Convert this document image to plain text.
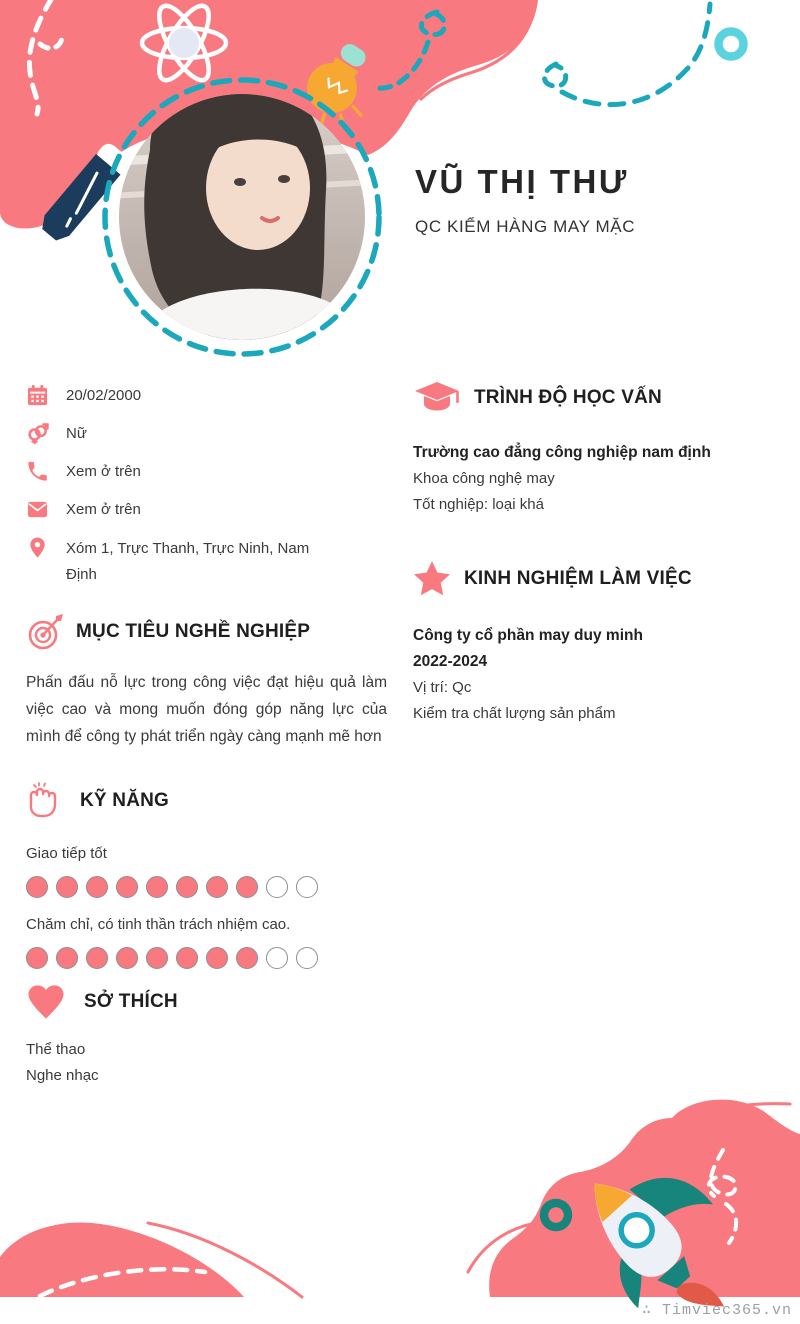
VŨ THỊ THƯ
QC KIỂM HÀNG MAY MẶC
20/02/2000
Nữ
Xem ở trên
Xem ở trên
Xóm 1, Trực Thanh, Trực Ninh, Nam Định
MỤC TIÊU NGHỀ NGHIỆP

Phấn đấu nỗ lực trong công việc đạt hiệu quả làm việc cao và mong muốn đóng góp năng lực của mình để công ty phát triển ngày càng mạnh mẽ hơn

KỸ NĂNG
Giao tiếp tốt
Chăm chỉ, có tinh thần trách nhiệm cao.
SỞ THÍCH
Thể thao
Nghe nhạc
TRÌNH ĐỘ HỌC VẤN
Trường cao đẳng công nghiệp nam định
Khoa công nghệ may
Tốt nghiệp: loại khá
KINH NGHIỆM LÀM VIỆC
Công ty cổ phần may duy minh
2022-2024
Vị trí: Qc
Kiểm tra chất lượng sản phẩm
∴ Timviec365.vn
